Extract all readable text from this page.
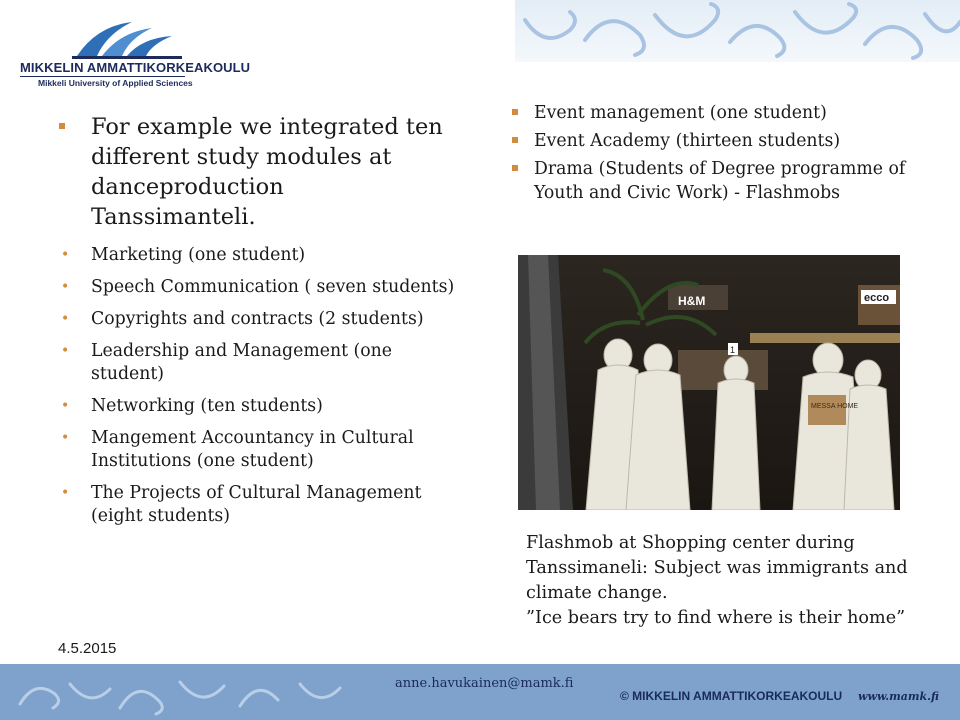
MIKKELIN AMMATTIKORKEAKOULU
Mikkeli University of Applied Sciences
For example we integrated ten different study modules at danceproduction Tanssimanteli.
• Marketing (one student)
• Speech Communication ( seven students)
• Copyrights and contracts (2 students)
• Leadership and Management (one student)
• Networking (ten students)
• Mangement Accountancy in Cultural Institutions (one student)
• The Projects of Cultural Management (eight students)
Event management (one student)
Event Academy (thirteen students)
Drama (Students of Degree programme of Youth and Civic Work) - Flashmobs
H&M	ecco
1
MESSA HOME
Flashmob at Shopping center during Tanssimaneli: Subject was immigrants and climate change.
”Ice bears try to find where is their home”
4.5.2015
anne.havukainen@mamk.fi
© MIKKELIN AMMATTIKORKEAKOULU www.mamk.fi
